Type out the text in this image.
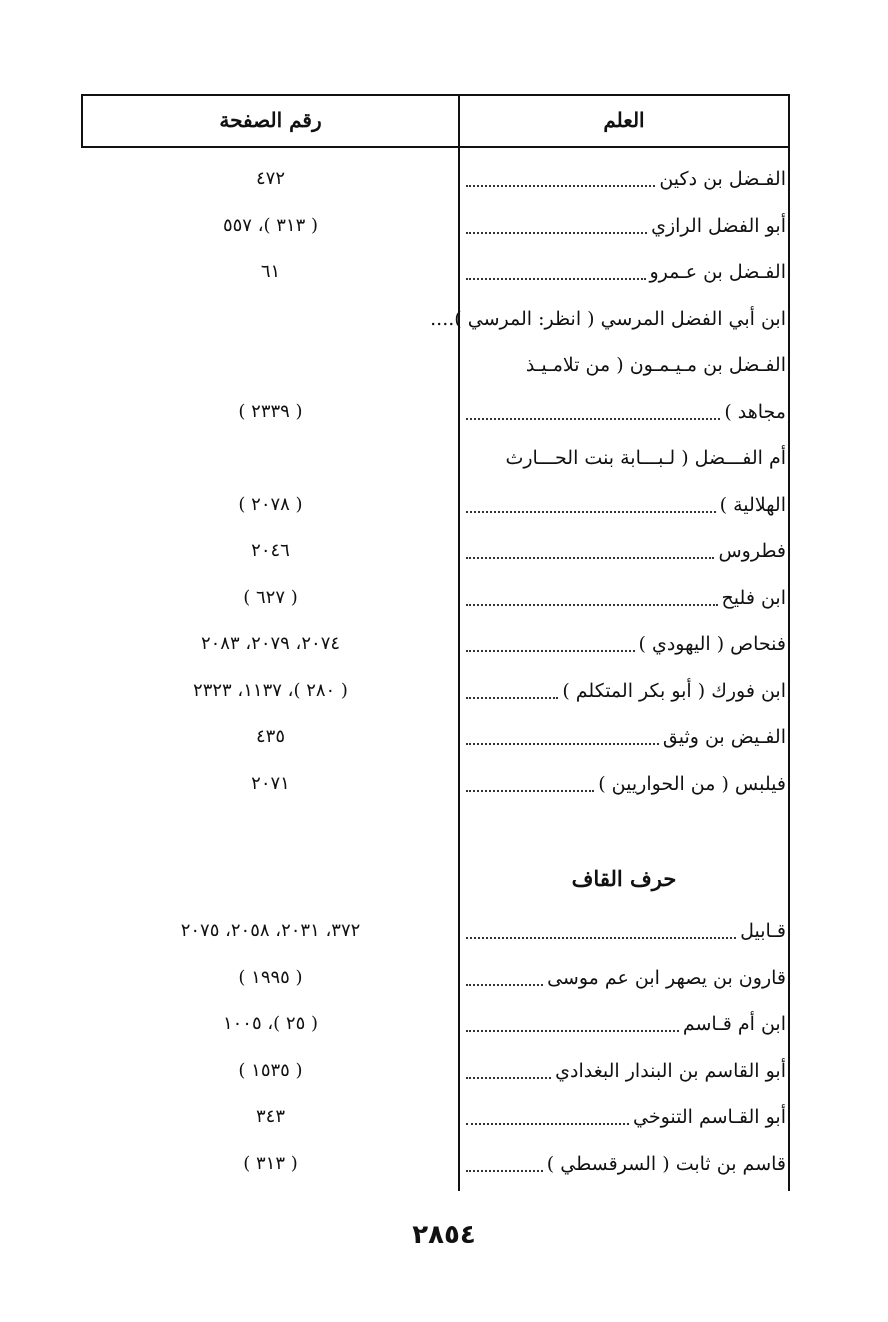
العلم
رقم الصفحة
الفـضل بن دكين
٤٧٢
أبو الفضل الرازي
( ٣١٣ )، ٥٥٧
الفـضل بن عـمرو
٦١
ابن أبي الفضل المرسي ( انظر: المرسي )....
الفـضل بن مـيـمـون ( من تلامـيـذ
مجاهد )
( ٢٣٣٩ )
أم الفـــضل ( لـبـــابة بنت الحـــارث
الهلالية )
( ٢٠٧٨ )
فطروس
٢٠٤٦
ابن فليح
( ٦٢٧ )
فنحاص ( اليهودي )
٢٠٧٤، ٢٠٧٩، ٢٠٨٣
ابن فورك ( أبو بكر المتكلم )
( ٢٨٠ )، ١١٣٧، ٢٣٢٣
الفـيض بن وثيق
٤٣٥
فيلبس ( من الحواريين )
٢٠٧١
حرف القاف
قـابيل
٣٧٢، ٢٠٣١، ٢٠٥٨، ٢٠٧٥
قارون بن يصهر ابن عم موسى
( ١٩٩٥ )
ابن أم قـاسم
( ٢٥ )، ١٠٠٥
أبو القاسم بن البندار البغدادي
( ١٥٣٥ )
أبو القـاسم التنوخي
٣٤٣
قاسم بن ثابت ( السرقسطي )
( ٣١٣ )
٢٨٥٤
